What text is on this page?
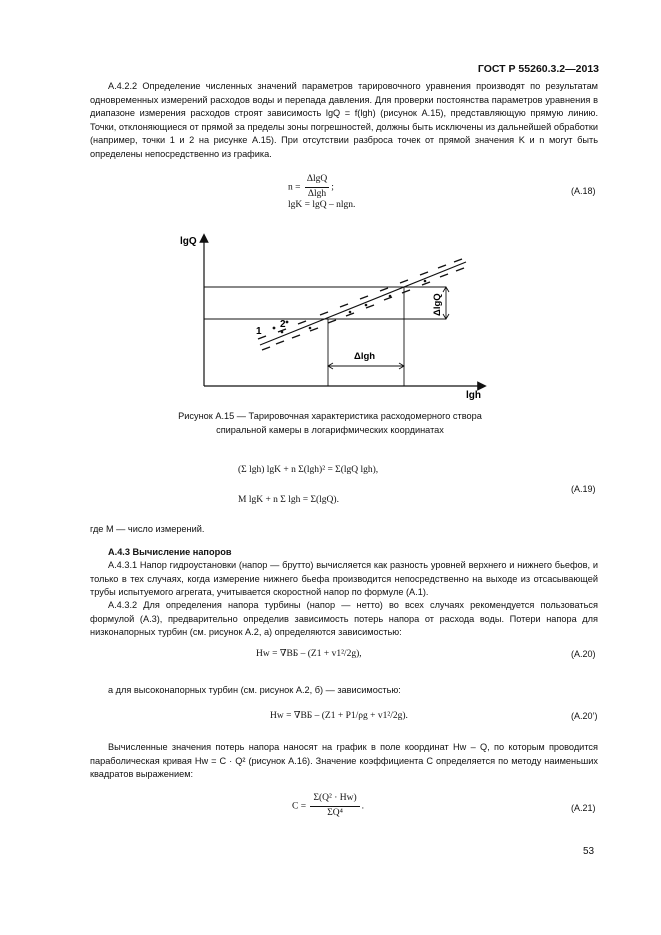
ГОСТ Р 55260.3.2—2013
А.4.2.2 Определение численных значений параметров тарировочного уравнения производят по результатам одновременных измерений расходов воды и перепада давления. Для проверки постоянства параметров уравнения в диапазоне измерения расходов строят зависимость lgQ = f(lgh) (рисунок А.15), представляющую прямую линию. Точки, отклоняющиеся от прямой за пределы зоны погрешностей, должны быть исключены из дальнейшей обработки (например, точки 1 и 2 на рисунке А.15). При отсутствии разброса точек от прямой значения K и n могут быть определены непосредственно из графика.
$n = \frac{\Delta\lg Q}{\Delta\lg h}$ ;
lgK = lgQ – nlgn.
(А.18)
ΔlgQ
Δlgh
lgQ
lgh
1
2
Рисунок А.15 — Тарировочная характеристика расходомерного створа
спиральной камеры в логарифмических координатах
(Σ lgh) lgK + n Σ(lgh)² = Σ(lgQ lgh),
M lgK + n Σ lgh = Σ(lgQ).
(А.19)
где M — число измерений.
А.4.3 Вычисление напоров
А.4.3.1 Напор гидроустановки (напор — брутто) вычисляется как разность уровней верхнего и нижнего бьефов, и только в тех случаях, когда измерение нижнего бьефа производится непосредственно на выходе из отсасывающей трубы испытуемого агрегата, учитывается скоростной напор по формуле (А.1).
А.4.3.2 Для определения напора турбины (напор — нетто) во всех случаях рекомендуется пользоваться формулой (А.3), предварительно определив зависимость потерь напора от расхода воды. Потери напора для низконапорных турбин (см. рисунок А.2, а) определяются зависимостью:
Hw = ∇ВБ – (Z1 + v1²/2g),	(А.20)
а для высоконапорных турбин (см. рисунок А.2, б) — зависимостью:
Hw = ∇ВБ – (Z1 + P1/ρg + v1²/2g).	(А.20’)
Вычисленные значения потерь напора наносят на график в поле координат Hw – Q, по которым проводится параболическая кривая Hw = C · Q² (рисунок А.16). Значение коэффициента C определяется по методу наименьших квадратов выражением:
$C = \frac{\text{Σ(Q² · Hw)}}{\text{ΣQ⁴}}$ .	(А.21)
53
